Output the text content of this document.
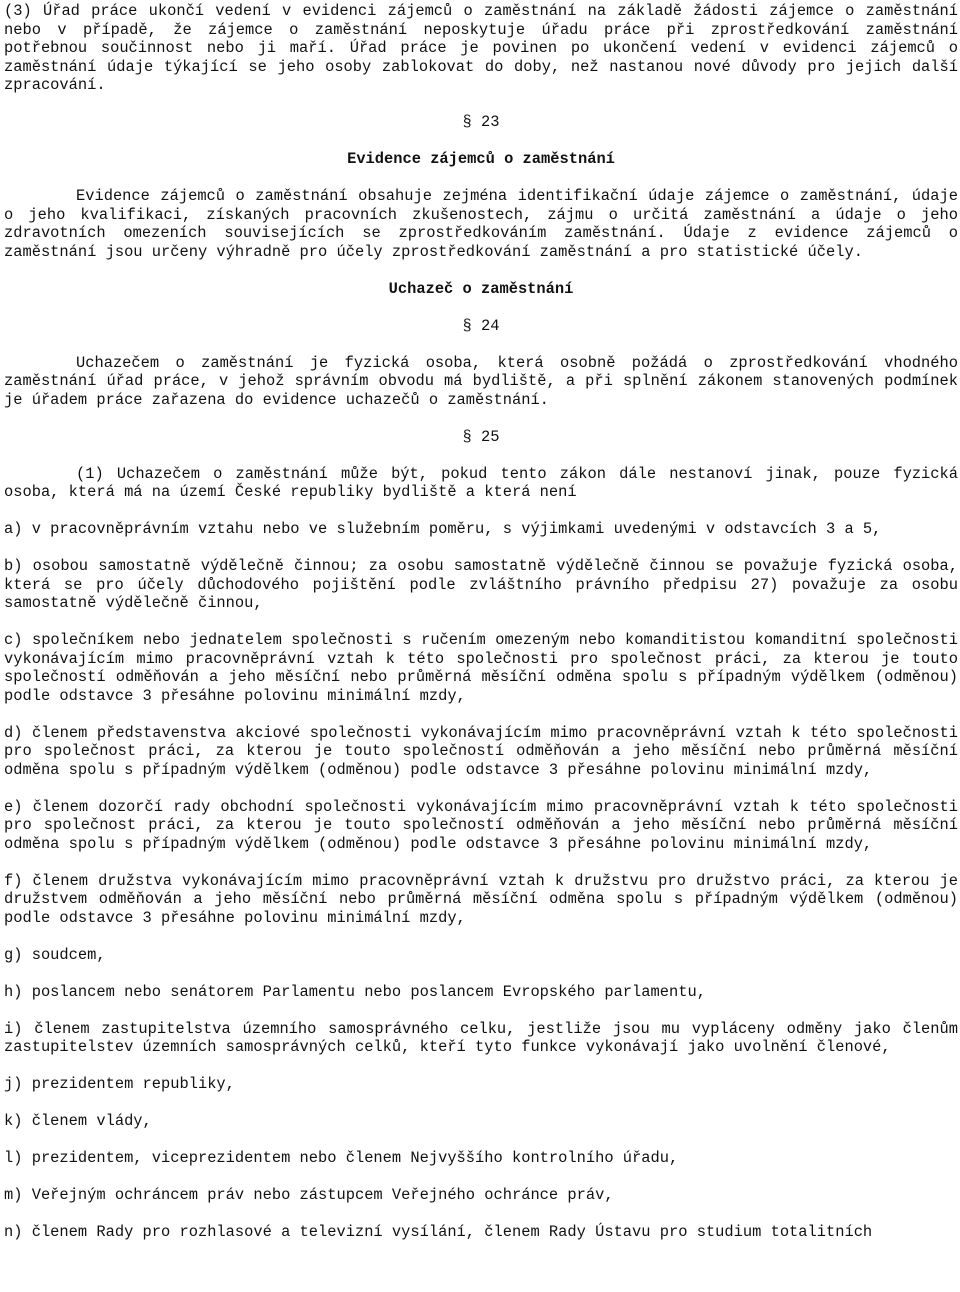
(3) Úřad práce ukončí vedení v evidenci zájemců o zaměstnání na základě žádosti zájemce o zaměstnání nebo v případě, že zájemce o zaměstnání neposkytuje úřadu práce při zprostředkování zaměstnání potřebnou součinnost nebo ji maří. Úřad práce je povinen po ukončení vedení v evidenci zájemců o zaměstnání údaje týkající se jeho osoby zablokovat do doby, než nastanou nové důvody pro jejich další zpracování.

§ 23

Evidence zájemců o zaměstnání

Evidence zájemců o zaměstnání obsahuje zejména identifikační údaje zájemce o zaměstnání, údaje o jeho kvalifikaci, získaných pracovních zkušenostech, zájmu o určitá zaměstnání a údaje o jeho zdravotních omezeních souvisejících se zprostředkováním zaměstnání. Údaje z evidence zájemců o zaměstnání jsou určeny výhradně pro účely zprostředkování zaměstnání a pro statistické účely.

Uchazeč o zaměstnání

§ 24

Uchazečem o zaměstnání je fyzická osoba, která osobně požádá o zprostředkování vhodného zaměstnání úřad práce, v jehož správním obvodu má bydliště, a při splnění zákonem stanovených podmínek je úřadem práce zařazena do evidence uchazečů o zaměstnání.

§ 25

(1) Uchazečem o zaměstnání může být, pokud tento zákon dále nestanoví jinak, pouze fyzická osoba, která má na území České republiky bydliště a která není

a) v pracovněprávním vztahu nebo ve služebním poměru, s výjimkami uvedenými v odstavcích 3 a 5,

b) osobou samostatně výdělečně činnou; za osobu samostatně výdělečně činnou se považuje fyzická osoba, která se pro účely důchodového pojištění podle zvláštního právního předpisu 27) považuje za osobu samostatně výdělečně činnou,

c) společníkem nebo jednatelem společnosti s ručením omezeným nebo komanditistou komanditní společnosti vykonávajícím mimo pracovněprávní vztah k této společnosti pro společnost práci, za kterou je touto společností odměňován a jeho měsíční nebo průměrná měsíční odměna spolu s případným výdělkem (odměnou) podle odstavce 3 přesáhne polovinu minimální mzdy,

d) členem představenstva akciové společnosti vykonávajícím mimo pracovněprávní vztah k této společnosti pro společnost práci, za kterou je touto společností odměňován a jeho měsíční nebo průměrná měsíční odměna spolu s případným výdělkem (odměnou) podle odstavce 3 přesáhne polovinu minimální mzdy,

e) členem dozorčí rady obchodní společnosti vykonávajícím mimo pracovněprávní vztah k této společnosti pro společnost práci, za kterou je touto společností odměňován a jeho měsíční nebo průměrná měsíční odměna spolu s případným výdělkem (odměnou) podle odstavce 3 přesáhne polovinu minimální mzdy,

f) členem družstva vykonávajícím mimo pracovněprávní vztah k družstvu pro družstvo práci, za kterou je družstvem odměňován a jeho měsíční nebo průměrná měsíční odměna spolu s případným výdělkem (odměnou) podle odstavce 3 přesáhne polovinu minimální mzdy,

g) soudcem,

h) poslancem nebo senátorem Parlamentu nebo poslancem Evropského parlamentu,

i) členem zastupitelstva územního samosprávného celku, jestliže jsou mu vypláceny odměny jako členům zastupitelstev územních samosprávných celků, kteří tyto funkce vykonávají jako uvolnění členové,

j) prezidentem republiky,

k) členem vlády,

l) prezidentem, viceprezidentem nebo členem Nejvyššího kontrolního úřadu,

m) Veřejným ochráncem práv nebo zástupcem Veřejného ochránce práv,

n) členem Rady pro rozhlasové a televizní vysílání, členem Rady Ústavu pro studium totalitních
